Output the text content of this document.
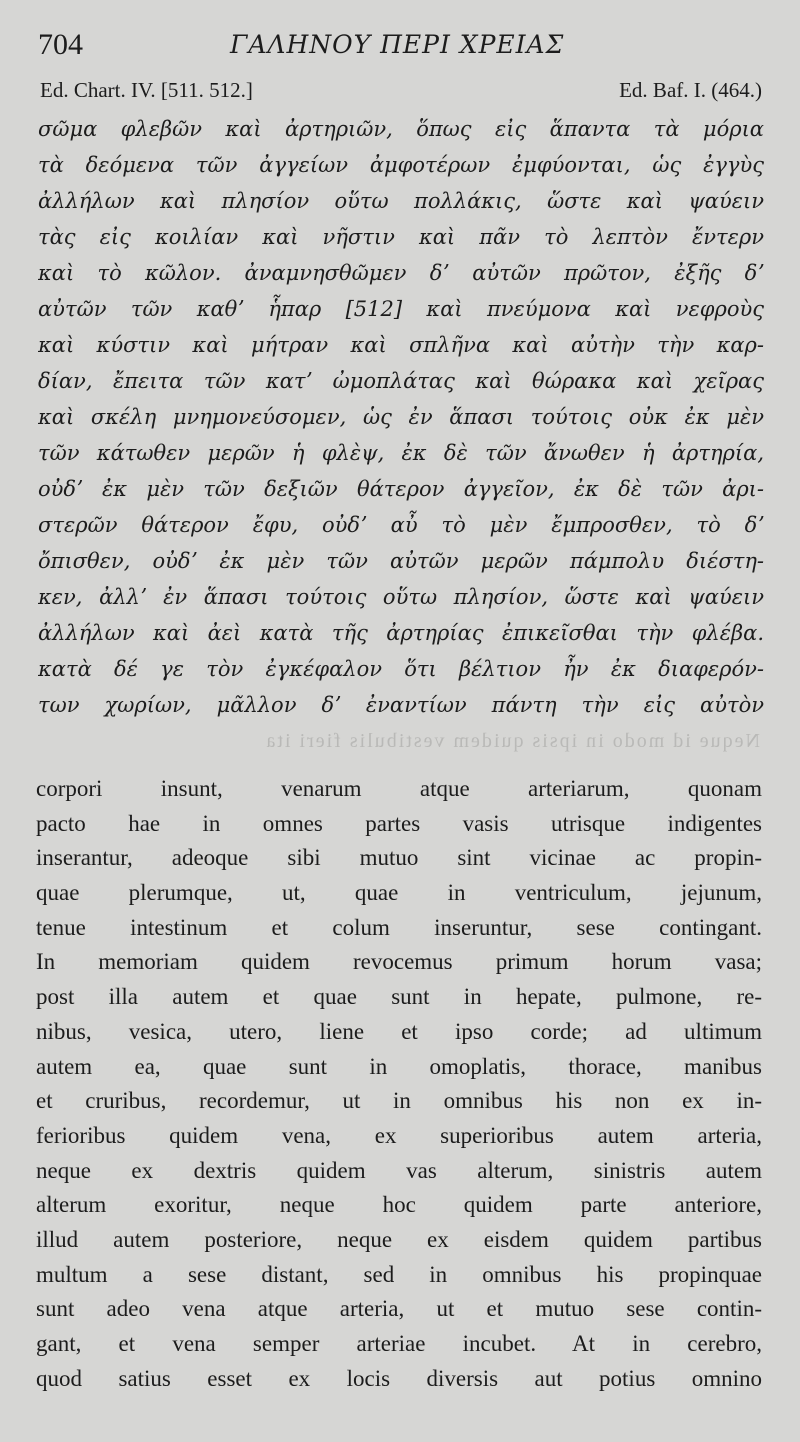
704	ΓΑΛΗΝΟΥ ΠΕΡΙ ΧΡΕΙΑΣ
Ed. Chart. IV. [511. 512.]	Ed. Baf. I. (464.)
σῶμα φλεβῶν καὶ ἀρτηριῶν, ὅπως εἰς ἅπαντα τὰ μόρια
τὰ δεόμενα τῶν ἀγγείων ἀμφοτέρων ἐμφύονται, ὡς ἐγγὺς
ἀλλήλων καὶ πλησίον οὕτω πολλάκις, ὥστε καὶ ψαύειν
τὰς εἰς κοιλίαν καὶ νῆστιν καὶ πᾶν τὸ λεπτὸν ἔντερν
καὶ τὸ κῶλον. ἀναμνησθῶμεν δʼ αὐτῶν πρῶτον, ἐξῆς δʼ
αὐτῶν τῶν καθʼ ἧπαρ [512] καὶ πνεύμονα καὶ νεφροὺς
καὶ κύστιν καὶ μήτραν καὶ σπλῆνα καὶ αὐτὴν τὴν καρ-
δίαν, ἔπειτα τῶν κατʼ ὠμοπλάτας καὶ θώρακα καὶ χεῖρας
καὶ σκέλη μνημονεύσομεν, ὡς ἐν ἅπασι τούτοις οὐκ ἐκ μὲν
τῶν κάτωθεν μερῶν ἡ φλὲψ, ἐκ δὲ τῶν ἄνωθεν ἡ ἀρτηρία,
οὐδʼ ἐκ μὲν τῶν δεξιῶν θάτερον ἀγγεῖον, ἐκ δὲ τῶν ἀρι-
στερῶν θάτερον ἔφυ, οὐδʼ αὖ τὸ μὲν ἔμπροσθεν, τὸ δʼ
ὄπισθεν, οὐδʼ ἐκ μὲν τῶν αὐτῶν μερῶν πάμπολυ διέστη-
κεν, ἀλλʼ ἐν ἅπασι τούτοις οὕτω πλησίον, ὥστε καὶ ψαύειν
ἀλλήλων καὶ ἀεὶ κατὰ τῆς ἀρτηρίας ἐπικεῖσθαι τὴν φλέβα.
κατὰ δέ γε τὸν ἐγκέφαλον ὅτι βέλτιον ἦν ἐκ διαφερόν-
των χωρίων, μᾶλλον δʼ ἐναντίων πάντη τὴν εἰς αὐτὸν
Neque id modo in ipsis quidem vestibulis fieri ita
corpori insunt, venarum atque arteriarum, quonam
pacto hae in omnes partes vasis utrisque indigentes
inserantur, adeoque sibi mutuo sint vicinae ac propin-
quae plerumque, ut, quae in ventriculum, jejunum,
tenue intestinum et colum inseruntur, sese contingant.
In memoriam quidem revocemus primum horum vasa;
post illa autem et quae sunt in hepate, pulmone, re-
nibus, vesica, utero, liene et ipso corde; ad ultimum
autem ea, quae sunt in omoplatis, thorace, manibus
et cruribus, recordemur, ut in omnibus his non ex in-
ferioribus quidem vena, ex superioribus autem arteria,
neque ex dextris quidem vas alterum, sinistris autem
alterum exoritur, neque hoc quidem parte anteriore,
illud autem posteriore, neque ex eisdem quidem partibus
multum a sese distant, sed in omnibus his propinquae
sunt adeo vena atque arteria, ut et mutuo sese contin-
gant, et vena semper arteriae incubet. At in cerebro,
quod satius esset ex locis diversis aut potius omnino
